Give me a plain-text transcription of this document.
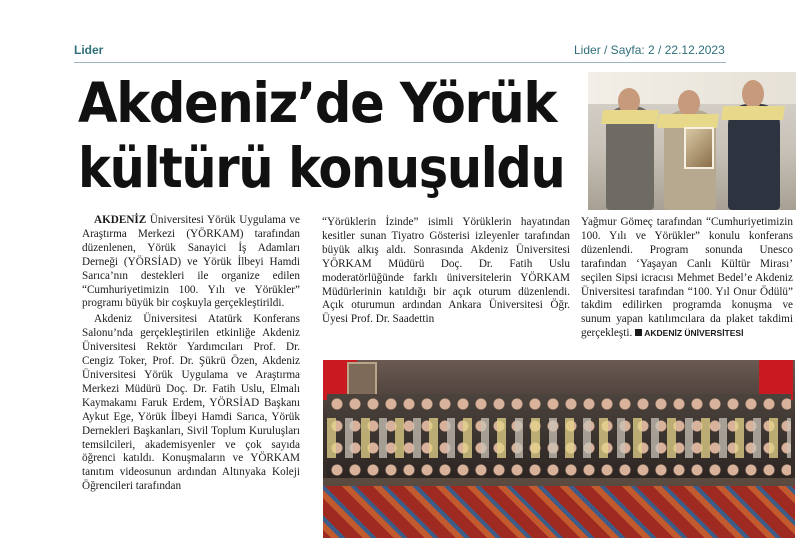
Lider	Lider / Sayfa: 2 / 22.12.2023
Akdeniz’de Yörük
kültürü konuşuldu

AKDENİZ Üniversitesi Yörük Uygulama ve Araştırma Merkezi (YÖRKAM) tarafından düzenlenen, Yörük Sanayici İş Adamları Derneği (YÖRSİAD) ve Yörük İlbeyi Hamdi Sarıca’nın destekleri ile organize edilen “Cumhuriyetimizin 100. Yılı ve Yörükler” programı büyük bir coşkuyla gerçekleştirildi.

Akdeniz Üniversitesi Atatürk Konferans Salonu’nda gerçekleştirilen etkinliğe Akdeniz Üniversitesi Rektör Yardımcıları Prof. Dr. Cengiz Toker, Prof. Dr. Şükrü Özen, Akdeniz Üniversitesi Yörük Uygulama ve Araştırma Merkezi Müdürü Doç. Dr. Fatih Uslu, Elmalı Kaymakamı Faruk Erdem, YÖRSİAD Başkanı Aykut Ege, Yörük İlbeyi Hamdi Sarıca, Yörük Dernekleri Başkanları, Sivil Toplum Kuruluşları temsilcileri, akademisyenler ve çok sayıda öğrenci katıldı. Konuşmaların ve YÖRKAM tanıtım videosunun ardından Altınyaka Koleji Öğrencileri tarafından

“Yörüklerin İzinde” isimli Yörüklerin hayatından kesitler sunan Tiyatro Gösterisi izleyenler tarafından büyük alkış aldı. Sonrasında Akdeniz Üniversitesi YÖRKAM Müdürü Doç. Dr. Fatih Uslu moderatörlüğünde farklı üniversitelerin YÖRKAM Müdürlerinin katıldığı bir açık oturum düzenlendi. Açık oturumun ardından Ankara Üniversitesi Öğr. Üyesi Prof. Dr. Saadettin

Yağmur Gömeç tarafından “Cumhuriyetimizin 100. Yılı ve Yörükler” konulu konferans düzenlendi. Program sonunda Unesco tarafından ‘Yaşayan Canlı Kültür Mirası’ seçilen Sipsi icracısı Mehmet Bedel’e Akdeniz Üniversitesi tarafından “100. Yıl Onur Ödülü” takdim edilirken programda konuşma ve sunum yapan katılımcılara da plaket takdimi gerçekleşti. AKDENİZ ÜNİVERSİTESİ
